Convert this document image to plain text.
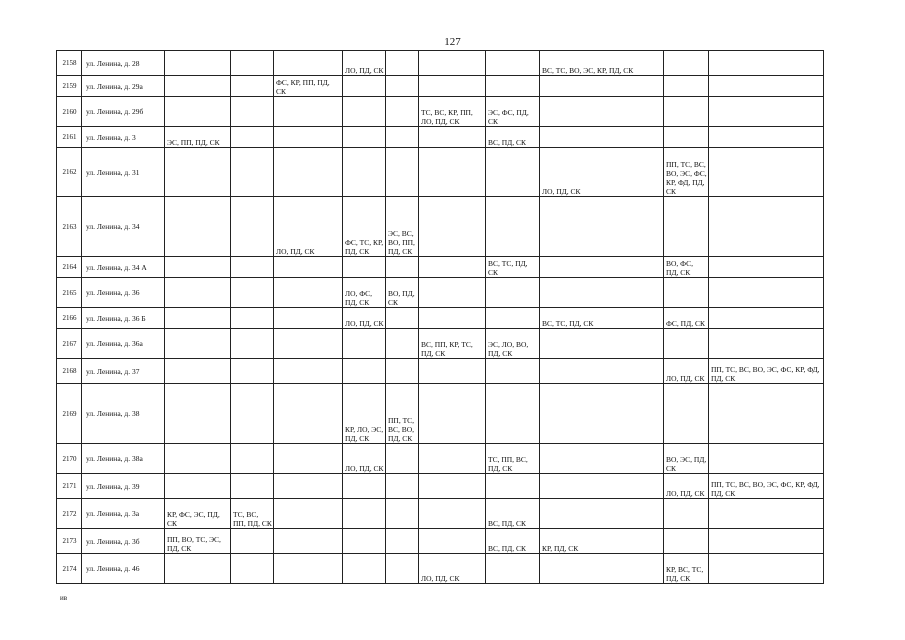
127
2158	ул. Ленина, д. 28				ЛО, ПД, СК				ВС, ТС, ВО, ЭС, КР, ПД, СК		
2159	ул. Ленина, д. 29а			ФС, КР, ПП, ПД, СК							
2160	ул. Ленина, д. 29б						ТС, ВС, КР, ПП, ЛО, ПД, СК	ЭС, ФС, ПД, СК			
2161	ул. Ленина, д. 3	ЭС, ПП, ПД, СК						ВС, ПД, СК			
2162	ул. Ленина, д. 31								ЛО, ПД, СК	ПП, ТС, ВС, ВО, ЭС, ФС, КР, ФД, ПД, СК	
2163	ул. Ленина, д. 34			ЛО, ПД, СК	ФС, ТС, КР, ПД, СК	ЭС, ВС, ВО, ПП, ПД, СК					
2164	ул. Ленина, д. 34 А							ВС, ТС, ПД, СК		ВО, ФС, ПД, СК	
2165	ул. Ленина, д. 36				ЛО, ФС, ПД, СК	ВО, ПД, СК					
2166	ул. Ленина, д. 36 Б				ЛО, ПД, СК				ВС, ТС, ПД, СК	ФС, ПД, СК	
2167	ул. Ленина, д. 36а						ВС, ПП, КР, ТС, ПД, СК	ЭС, ЛО, ВО, ПД, СК			
2168	ул. Ленина, д. 37									ЛО, ПД, СК	ПП, ТС, ВС, ВО, ЭС, ФС, КР, ФД, ПД, СК
2169	ул. Ленина, д. 38				КР, ЛО, ЭС, ПД, СК	ПП, ТС, ВС, ВО, ПД, СК					
2170	ул. Ленина, д. 38а				ЛО, ПД, СК			ТС, ПП, ВС, ПД, СК		ВО, ЭС, ПД, СК	
2171	ул. Ленина, д. 39									ЛО, ПД, СК	ПП, ТС, ВС, ВО, ЭС, ФС, КР, ФД, ПД, СК
2172	ул. Ленина, д. 3а	КР, ФС, ЭС, ПД, СК	ТС, ВС, ПП, ПД, СК					ВС, ПД, СК			
2173	ул. Ленина, д. 3б	ПП, ВО, ТС, ЭС, ПД, СК						ВС, ПД, СК	КР, ПД, СК		
2174	ул. Ленина, д. 46						ЛО, ПД, СК			КР, ВС, ТС, ПД, СК	
ив
